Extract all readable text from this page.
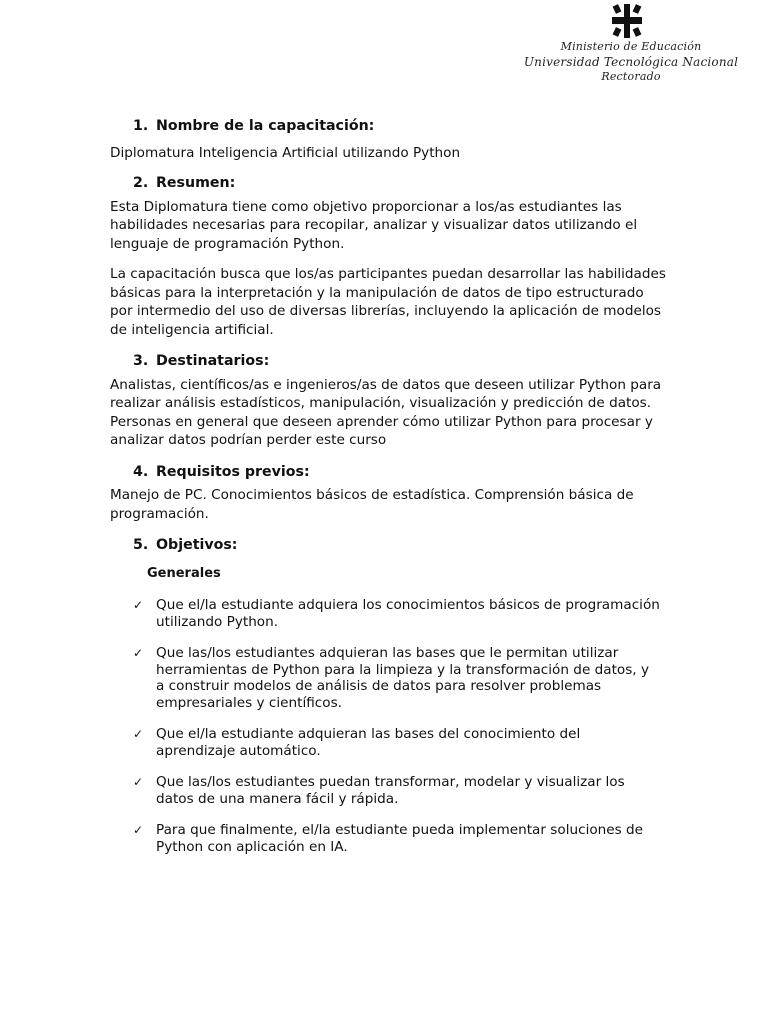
Ministerio de Educación
Universidad Tecnológica Nacional
Rectorado
1. Nombre de la capacitación:

Diplomatura Inteligencia Artificial utilizando Python

2. Resumen:

Esta Diplomatura tiene como objetivo proporcionar a los/as estudiantes las habilidades necesarias para recopilar, analizar y visualizar datos utilizando el lenguaje de programación Python.

La capacitación busca que los/as participantes puedan desarrollar las habilidades básicas para la interpretación y la manipulación de datos de tipo estructurado por intermedio del uso de diversas librerías, incluyendo la aplicación de modelos de inteligencia artificial.

3. Destinatarios:

Analistas, científicos/as e ingenieros/as de datos que deseen utilizar Python para realizar análisis estadísticos, manipulación, visualización y predicción de datos. Personas en general que deseen aprender cómo utilizar Python para procesar y analizar datos podrían perder este curso

4. Requisitos previos:

Manejo de PC. Conocimientos básicos de estadística. Comprensión básica de programación.

5. Objetivos:
Generales
✓ Que el/la estudiante adquiera los conocimientos básicos de programación utilizando Python.
✓ Que las/los estudiantes adquieran las bases que le permitan utilizar herramientas de Python para la limpieza y la transformación de datos, y a construir modelos de análisis de datos para resolver problemas empresariales y científicos.
✓ Que el/la estudiante adquieran las bases del conocimiento del aprendizaje automático.
✓ Que las/los estudiantes puedan transformar, modelar y visualizar los datos de una manera fácil y rápida.
✓ Para que finalmente, el/la estudiante pueda implementar soluciones de Python con aplicación en IA.
